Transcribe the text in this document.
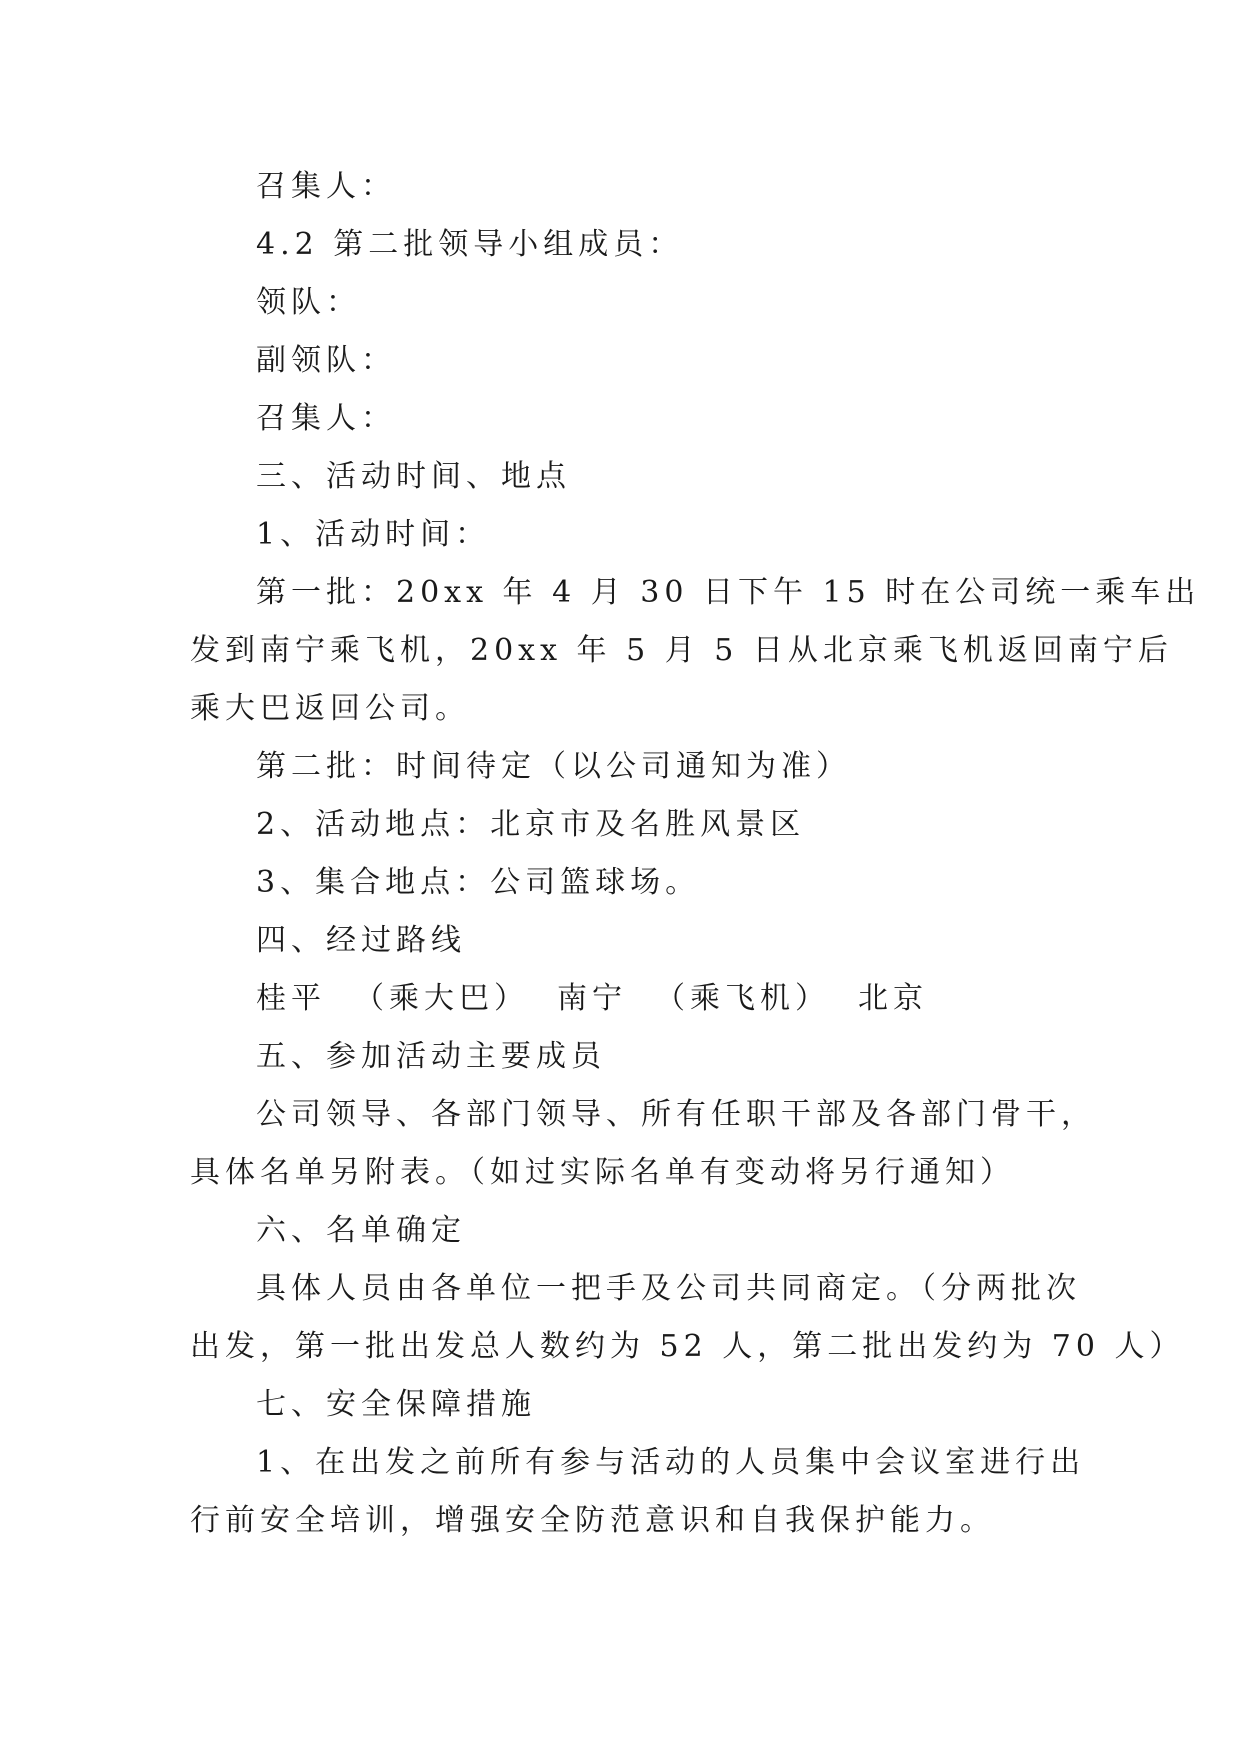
召集人：
4.2 第二批领导小组成员：
领队：
副领队：
召集人：
三、活动时间、地点
1、活动时间：
第一批：20xx 年 4 月 30 日下午 15 时在公司统一乘车出
发到南宁乘飞机，20xx 年 5 月 5 日从北京乘飞机返回南宁后
乘大巴返回公司。
第二批：时间待定（以公司通知为准）
2、活动地点：北京市及名胜风景区
3、集合地点：公司篮球场。
四、经过路线
桂平 （乘大巴） 南宁 （乘飞机） 北京
五、参加活动主要成员
公司领导、各部门领导、所有任职干部及各部门骨干，
具体名单另附表。（如过实际名单有变动将另行通知）
六、名单确定
具体人员由各单位一把手及公司共同商定。（分两批次
出发，第一批出发总人数约为 52 人，第二批出发约为 70 人）
七、安全保障措施
1、在出发之前所有参与活动的人员集中会议室进行出
行前安全培训，增强安全防范意识和自我保护能力。
